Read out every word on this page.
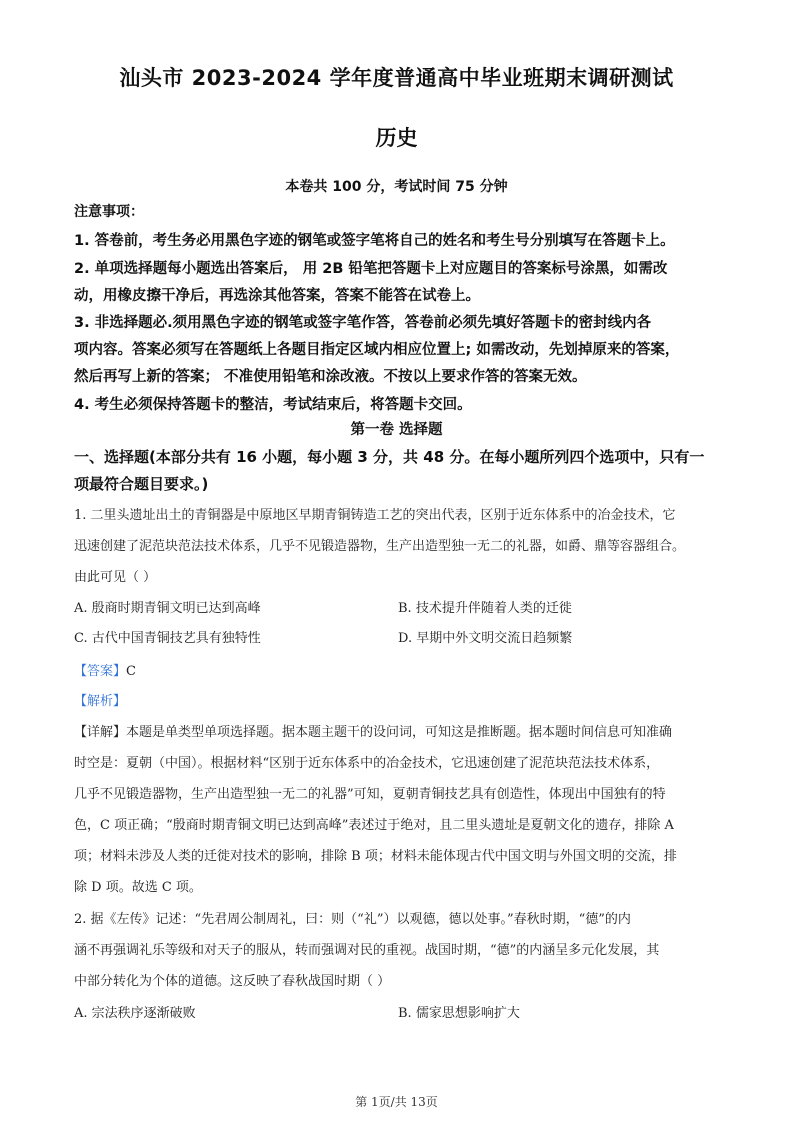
汕头市 2023-2024 学年度普通高中毕业班期末调研测试
历史
本卷共 100 分，考试时间 75 分钟
注意事项：
1. 答卷前，考生务必用黑色字迹的钢笔或签字笔将自己的姓名和考生号分别填写在答题卡上。
2. 单项选择题每小题选出答案后， 用 2B 铅笔把答题卡上对应题目的答案标号涂黑，如需改
动，用橡皮擦干净后，再选涂其他答案，答案不能答在试卷上。
3. 非选择题必.须用黑色字迹的钢笔或签字笔作答，答卷前必须先填好答题卡的密封线内各
项内容。答案必须写在答题纸上各题目指定区域内相应位置上; 如需改动，先划掉原来的答案，
然后再写上新的答案； 不准使用铅笔和涂改液。不按以上要求作答的答案无效。
4. 考生必须保持答题卡的整洁，考试结束后，将答题卡交回。
第一卷 选择题
一、选择题(本部分共有 16 小题，每小题 3 分，共 48 分。在每小题所列四个选项中，只有一
项最符合题目要求。)
1. 二里头遗址出土的青铜器是中原地区早期青铜铸造工艺的突出代表，区别于近东体系中的冶金技术，它
迅速创建了泥范块范法技术体系，几乎不见锻造器物，生产出造型独一无二的礼器，如爵、鼎等容器组合。
由此可见（ ）
A. 殷商时期青铜文明已达到高峰	B. 技术提升伴随着人类的迁徙
C. 古代中国青铜技艺具有独特性	D. 早期中外文明交流日趋频繁
【答案】C
【解析】
【详解】本题是单类型单项选择题。据本题主题干的设问词，可知这是推断题。据本题时间信息可知准确
时空是：夏朝（中国）。根据材料“区别于近东体系中的冶金技术，它迅速创建了泥范块范法技术体系，
几乎不见锻造器物，生产出造型独一无二的礼器”可知，夏朝青铜技艺具有创造性，体现出中国独有的特
色，C 项正确；“殷商时期青铜文明已达到高峰”表述过于绝对，且二里头遗址是夏朝文化的遗存，排除 A
项；材料未涉及人类的迁徙对技术的影响，排除 B 项；材料未能体现古代中国文明与外国文明的交流，排
除 D 项。故选 C 项。
2. 据《左传》记述：“先君周公制周礼，曰：则（“礼”）以观德，德以处事。”春秋时期，“德”的内
涵不再强调礼乐等级和对天子的服从，转而强调对民的重视。战国时期，“德”的内涵呈多元化发展，其
中部分转化为个体的道德。这反映了春秋战国时期（ ）
A. 宗法秩序逐渐破败	B. 儒家思想影响扩大
第 1页/共 13页
